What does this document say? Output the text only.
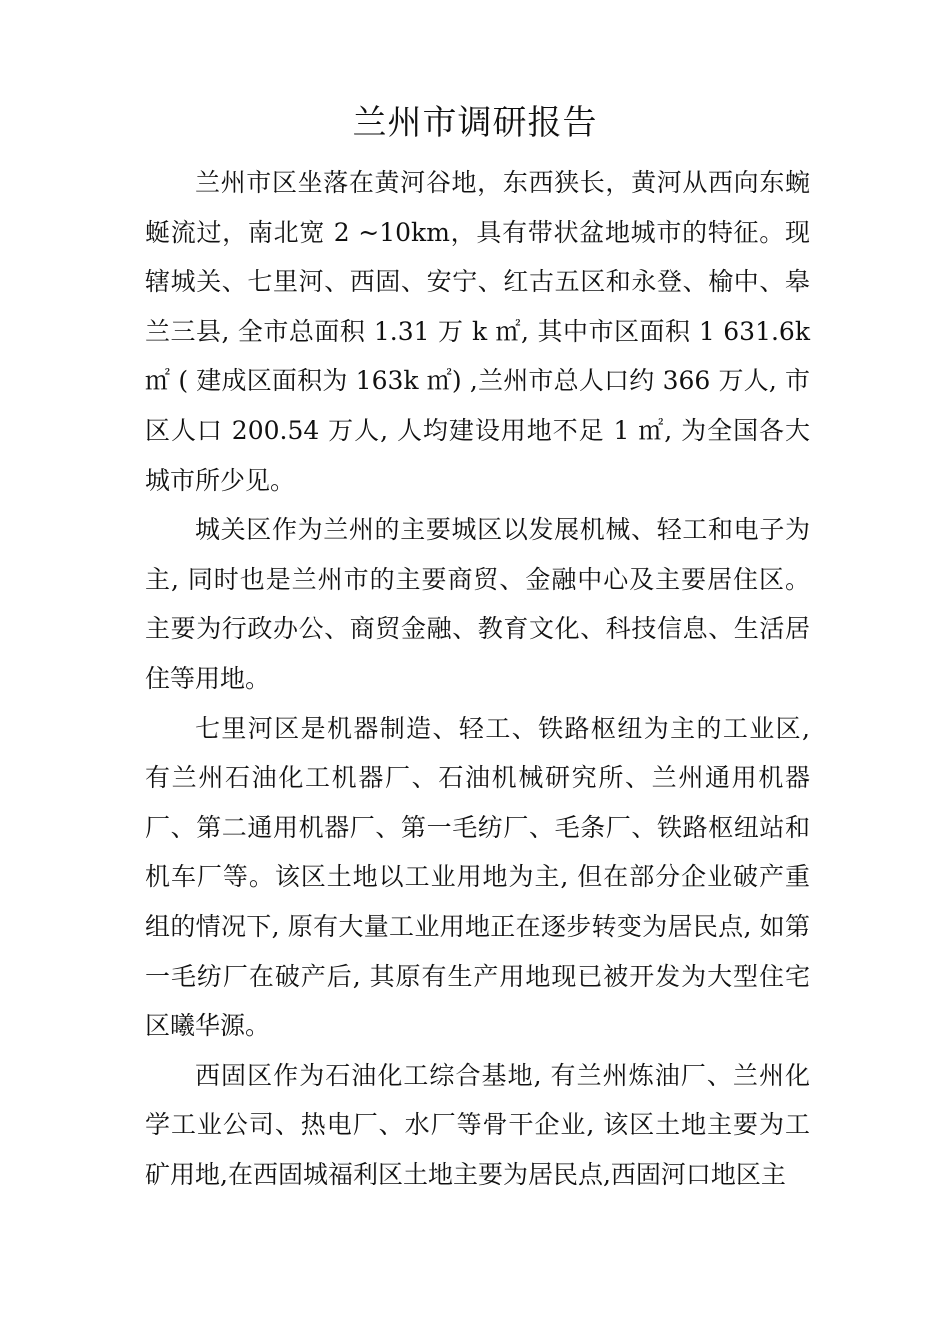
兰州市调研报告

兰州市区坐落在黄河谷地，东西狭长，黄河从西向东蜿蜒流过，南北宽 2 ~10km，具有带状盆地城市的特征。现辖城关、七里河、西固、安宁、红古五区和永登、榆中、皋兰三县, 全市总面积 1.31 万 k ㎡, 其中市区面积 1 631.6k ㎡ ( 建成区面积为 163k ㎡) ,兰州市总人口约 366 万人, 市区人口 200.54 万人, 人均建设用地不足 1 ㎡, 为全国各大城市所少见。

城关区作为兰州的主要城区以发展机械、轻工和电子为主, 同时也是兰州市的主要商贸、金融中心及主要居住区。主要为行政办公、商贸金融、教育文化、科技信息、生活居住等用地。

七里河区是机器制造、轻工、铁路枢纽为主的工业区, 有兰州石油化工机器厂、石油机械研究所、兰州通用机器厂、第二通用机器厂、第一毛纺厂、毛条厂、铁路枢纽站和机车厂等。该区土地以工业用地为主, 但在部分企业破产重组的情况下, 原有大量工业用地正在逐步转变为居民点, 如第一毛纺厂在破产后, 其原有生产用地现已被开发为大型住宅区曦华源。

西固区作为石油化工综合基地, 有兰州炼油厂、兰州化学工业公司、热电厂、水厂等骨干企业, 该区土地主要为工矿用地,在西固城福利区土地主要为居民点,西固河口地区主
